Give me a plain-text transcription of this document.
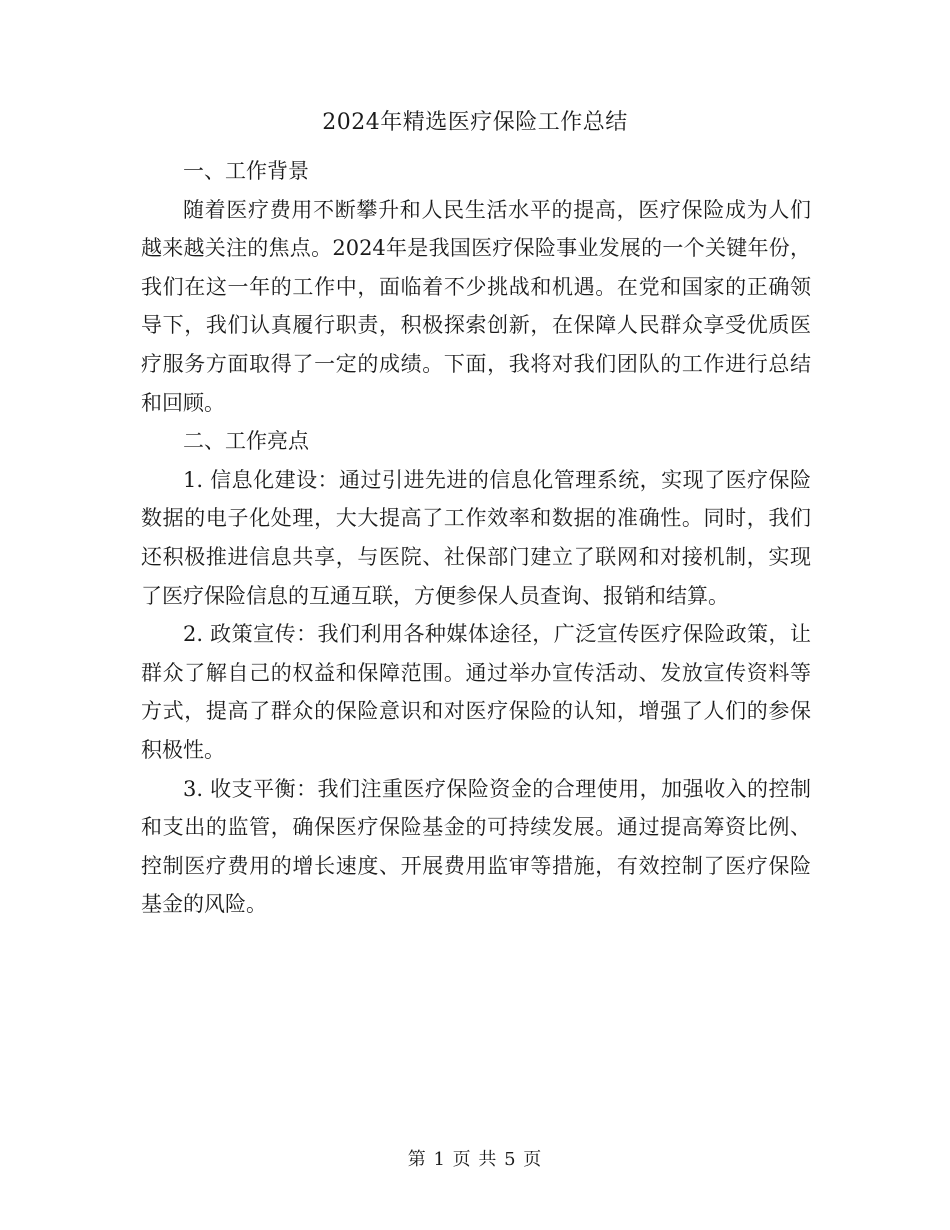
2024年精选医疗保险工作总结

一、工作背景

随着医疗费用不断攀升和人民生活水平的提高，医疗保险成为人们越来越关注的焦点。2024年是我国医疗保险事业发展的一个关键年份，我们在这一年的工作中，面临着不少挑战和机遇。在党和国家的正确领导下，我们认真履行职责，积极探索创新，在保障人民群众享受优质医疗服务方面取得了一定的成绩。下面，我将对我们团队的工作进行总结和回顾。

二、工作亮点

1. 信息化建设：通过引进先进的信息化管理系统，实现了医疗保险数据的电子化处理，大大提高了工作效率和数据的准确性。同时，我们还积极推进信息共享，与医院、社保部门建立了联网和对接机制，实现了医疗保险信息的互通互联，方便参保人员查询、报销和结算。

2. 政策宣传：我们利用各种媒体途径，广泛宣传医疗保险政策，让群众了解自己的权益和保障范围。通过举办宣传活动、发放宣传资料等方式，提高了群众的保险意识和对医疗保险的认知，增强了人们的参保积极性。

3. 收支平衡：我们注重医疗保险资金的合理使用，加强收入的控制和支出的监管，确保医疗保险基金的可持续发展。通过提高筹资比例、控制医疗费用的增长速度、开展费用监审等措施，有效控制了医疗保险基金的风险。

第 1 页 共 5 页
